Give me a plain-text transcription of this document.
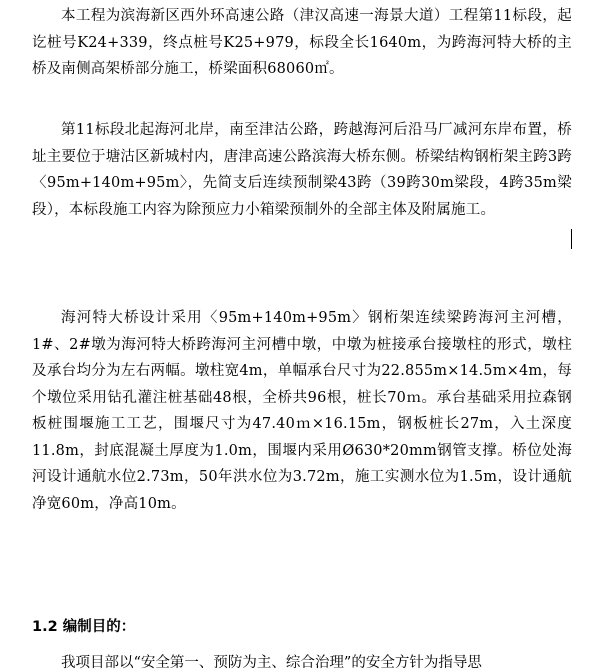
本工程为滨海新区西外环高速公路（津汉高速一海景大道）工程第11标段，起讫桩号K24+339，终点桩号K25+979，标段全长1640m，为跨海河特大桥的主桥及南侧高架桥部分施工，桥梁面积68060㎡。
第11标段北起海河北岸，南至津沽公路，跨越海河后沿马厂减河东岸布置，桥址主要位于塘沽区新城村内，唐津高速公路滨海大桥东侧。桥梁结构钢桁架主跨3跨〈95m+140m+95m〉，先简支后连续预制梁43跨（39跨30m梁段，4跨35m梁段），本标段施工内容为除预应力小箱梁预制外的全部主体及附属施工。
海河特大桥设计采用〈95m+140m+95m〉钢桁架连续梁跨海河主河槽，1#、2#墩为海河特大桥跨海河主河槽中墩，中墩为桩接承台接墩柱的形式，墩柱及承台均分为左右两幅。墩柱宽4m，单幅承台尺寸为22.855m×14.5m×4m，每个墩位采用钻孔灌注桩基础48根，全桥共96根，桩长70ｍ。承台基础采用拉森钢板桩围堰施工工艺，围堰尺寸为47.40ｍ×16.15m，钢板桩长27m，入土深度11.8m，封底混凝土厚度为1.0m，围堰内采用Ø630*20mm钢管支撑。桥位处海河设计通航水位2.73m，50年洪水位为3.72m，施工实测水位为1.5m，设计通航净宽60m，净高10m。
1.2 编制目的：
我项目部以“安全第一、预防为主、综合治理”的安全方针为指导思
